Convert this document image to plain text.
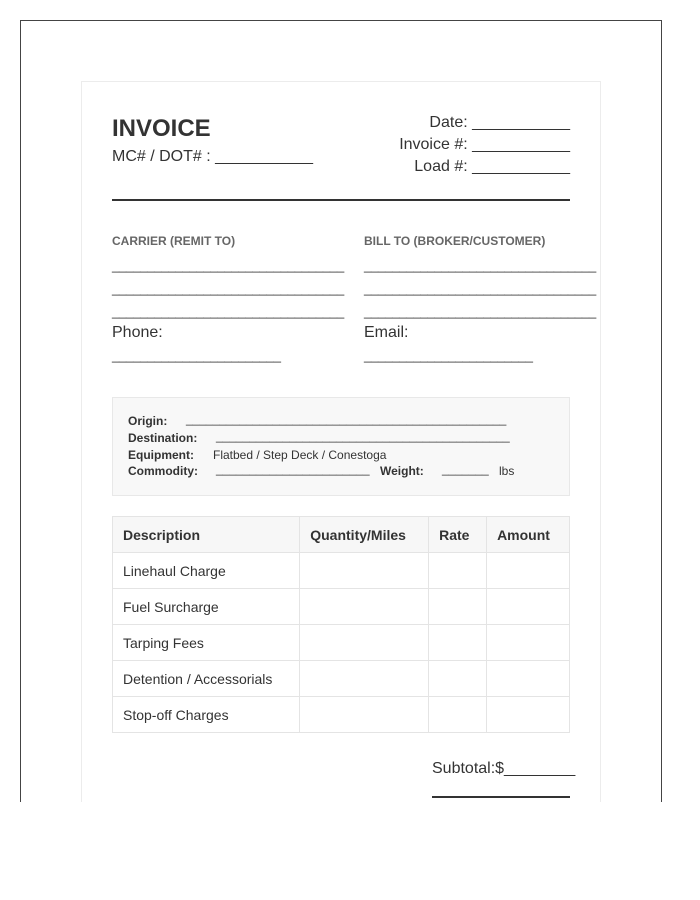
INVOICE
MC# / DOT# : ___________
Date: ___________
Invoice #: ___________
Load #: ___________
CARRIER (REMIT TO)	BILL TO (BROKER/CUSTOMER)
_________________________________
_________________________________
_________________________________
_________________________________
_________________________________
_________________________________
Phone:	Email:
________________________	________________________
Origin: ________________________________________________
Destination: ____________________________________________
Equipment: Flatbed / Step Deck / Conestoga
Commodity: _______________________ Weight: _______ lbs
Description	Quantity/Miles	Rate	Amount
Linehaul Charge			
Fuel Surcharge			
Tarping Fees			
Detention / Accessorials			
Stop-off Charges			
Subtotal:$________
